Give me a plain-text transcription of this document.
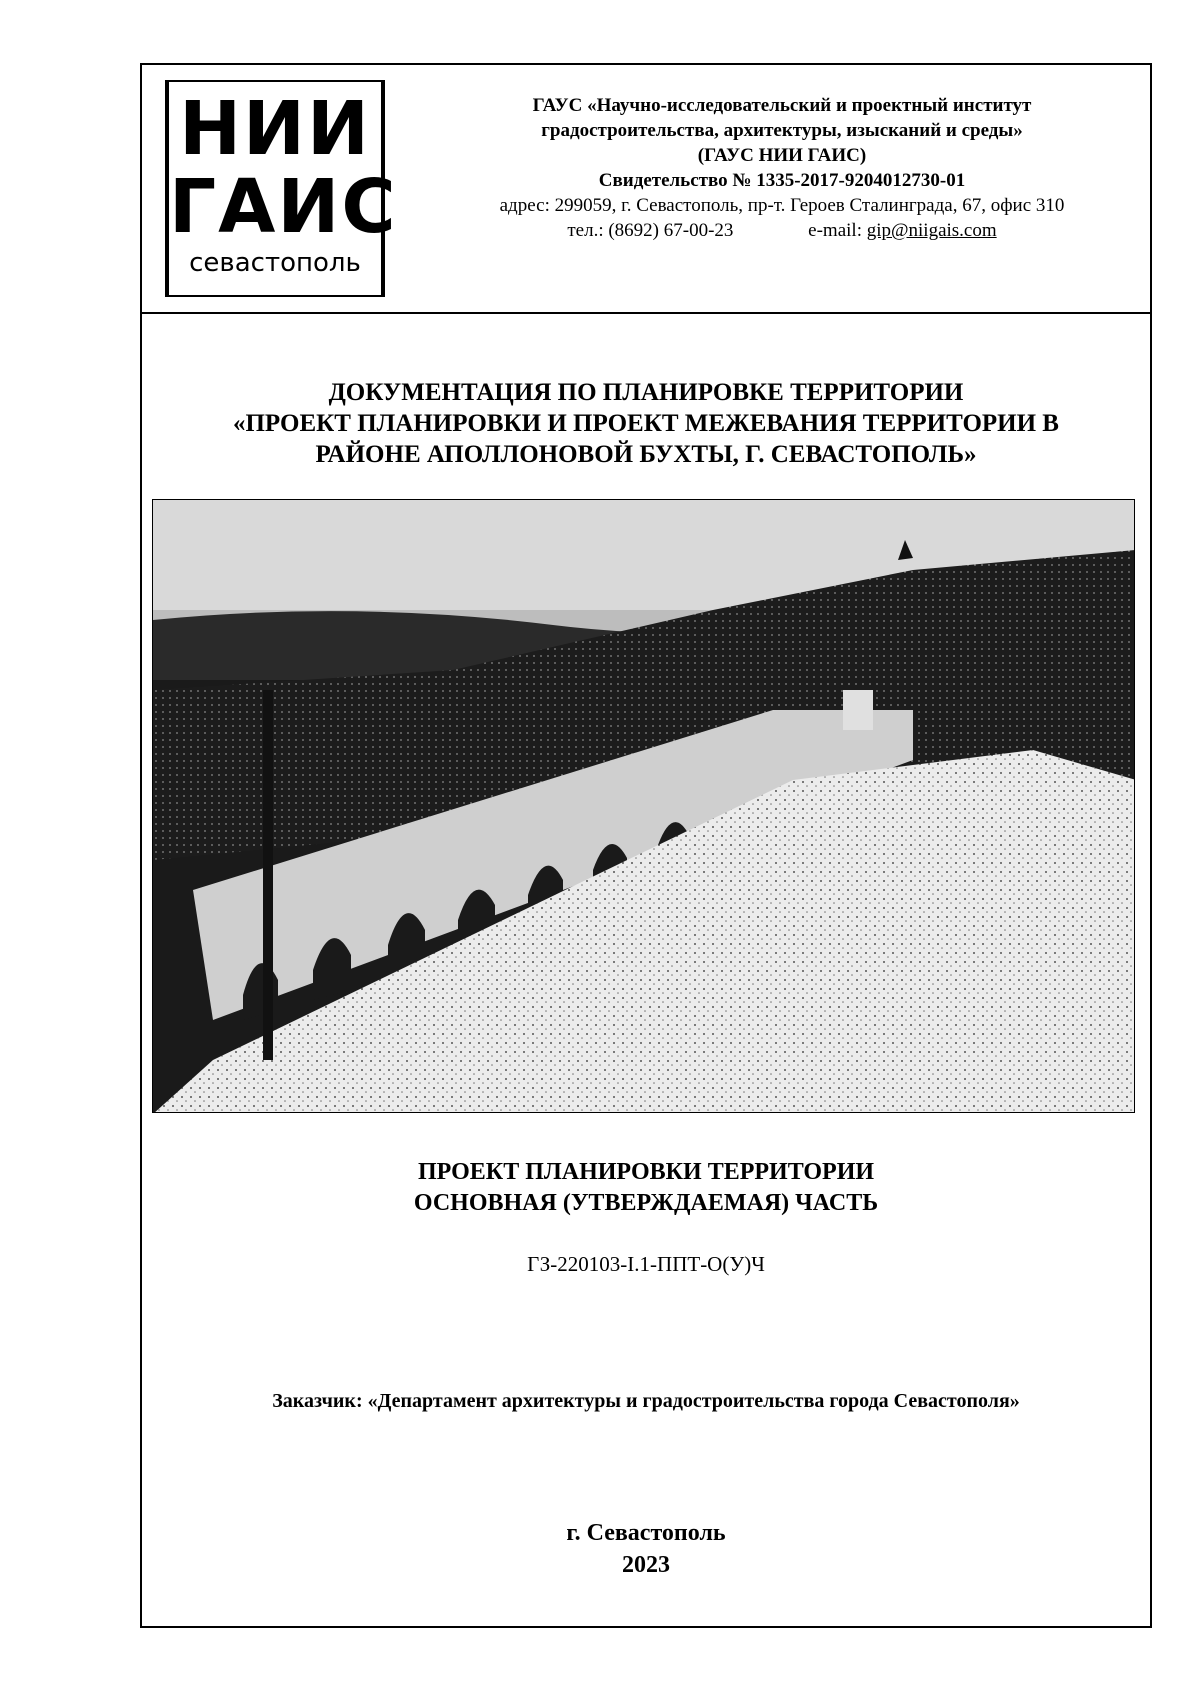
НИИ
ГАИС
севастополь
ГАУС «Научно-исследовательский и проектный институт
градостроительства, архитектуры, изысканий и среды»
(ГАУС НИИ ГАИС)
Свидетельство № 1335-2017-9204012730-01
адрес: 299059, г. Севастополь, пр-т. Героев Сталинграда, 67, офис 310
тел.: (8692) 67-00-23	e-mail: gip@niigais.com
ДОКУМЕНТАЦИЯ ПО ПЛАНИРОВКЕ ТЕРРИТОРИИ
«ПРОЕКТ ПЛАНИРОВКИ И ПРОЕКТ МЕЖЕВАНИЯ ТЕРРИТОРИИ В
РАЙОНЕ АПОЛЛОНОВОЙ БУХТЫ, Г. СЕВАСТОПОЛЬ»
ПРОЕКТ ПЛАНИРОВКИ ТЕРРИТОРИИ
ОСНОВНАЯ (УТВЕРЖДАЕМАЯ) ЧАСТЬ
ГЗ-220103-I.1-ППТ-О(У)Ч
Заказчик: «Департамент архитектуры и градостроительства города Севастополя»
г. Севастополь
2023
